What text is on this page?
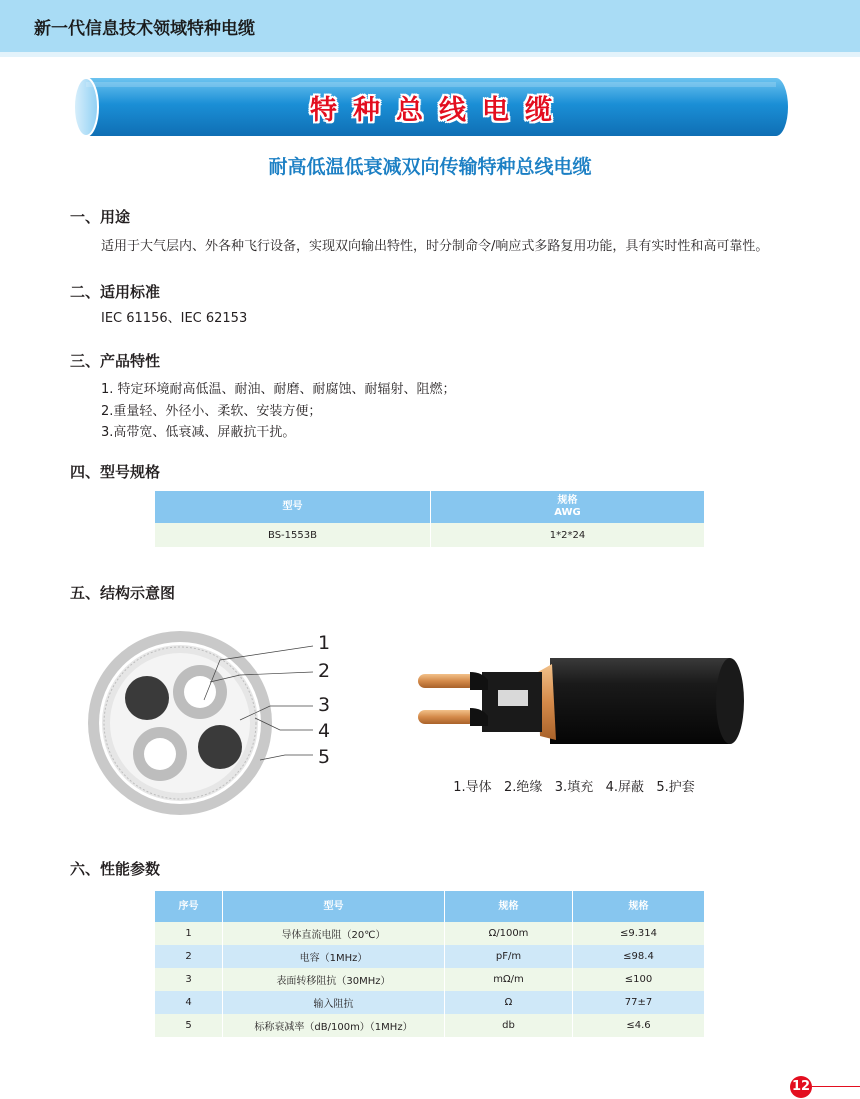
新一代信息技术领域特种电缆
特种总线电缆
耐高低温低衰减双向传输特种总线电缆
一、用途
适用于大气层内、外各种飞行设备，实现双向输出特性，时分制命令/响应式多路复用功能，具有实时性和高可靠性。
二、适用标准
IEC 61156、IEC 62153
三、产品特性
1. 特定环境耐高低温、耐油、耐磨、耐腐蚀、耐辐射、阻燃；
2.重量轻、外径小、柔软、安装方便；
3.高带宽、低衰减、屏蔽抗干扰。
四、型号规格
型号	规格
AWG

BS-1553B	1*2*24
五、结构示意图
1
2
3
4
5
1.导体   2.绝缘   3.填充   4.屏蔽   5.护套
六、性能参数
序号	型号	规格	规格
1	导体直流电阻（20℃）	Ω/100m	≤9.314
2	电容（1MHz）	pF/m	≤98.4
3	表面转移阻抗（30MHz）	mΩ/m	≤100
4	输入阻抗	Ω	77±7
5	标称衰减率（dB/100m）（1MHz）	db	≤4.6
12
